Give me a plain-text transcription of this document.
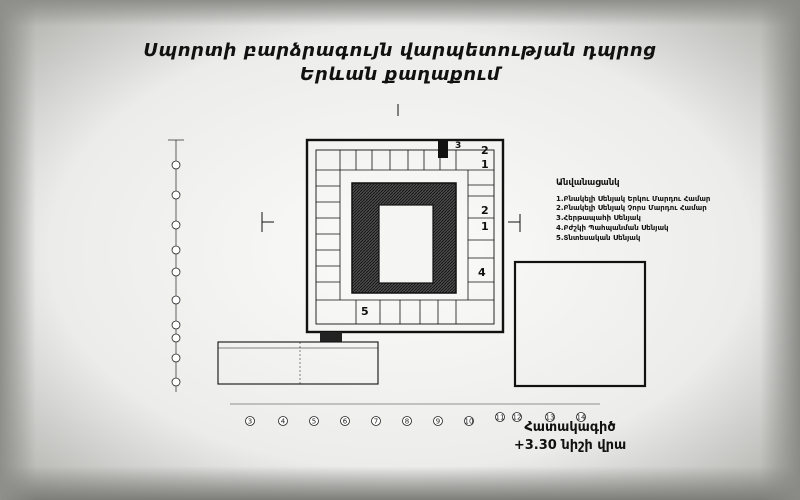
Սպորտի բարձրագույն վարպետության դպրոց
Երևան քաղաքում
2
1
3
2
1
4
5
3	4	5	6	7	8	9	10	11 12	13	14
Անվանացանկ
1.Բնակելի Սենյակ Երկու Մարդու Համար
2.Բնակելի Սենյակ Չորս Մարդու Համար
3.Հերթապահի Սենյակ
4.Բժշկի Պահպանման Սենյակ
5.Տնտեսական Սենյակ
Հատակագիծ
+3.30 նիշի վրա
